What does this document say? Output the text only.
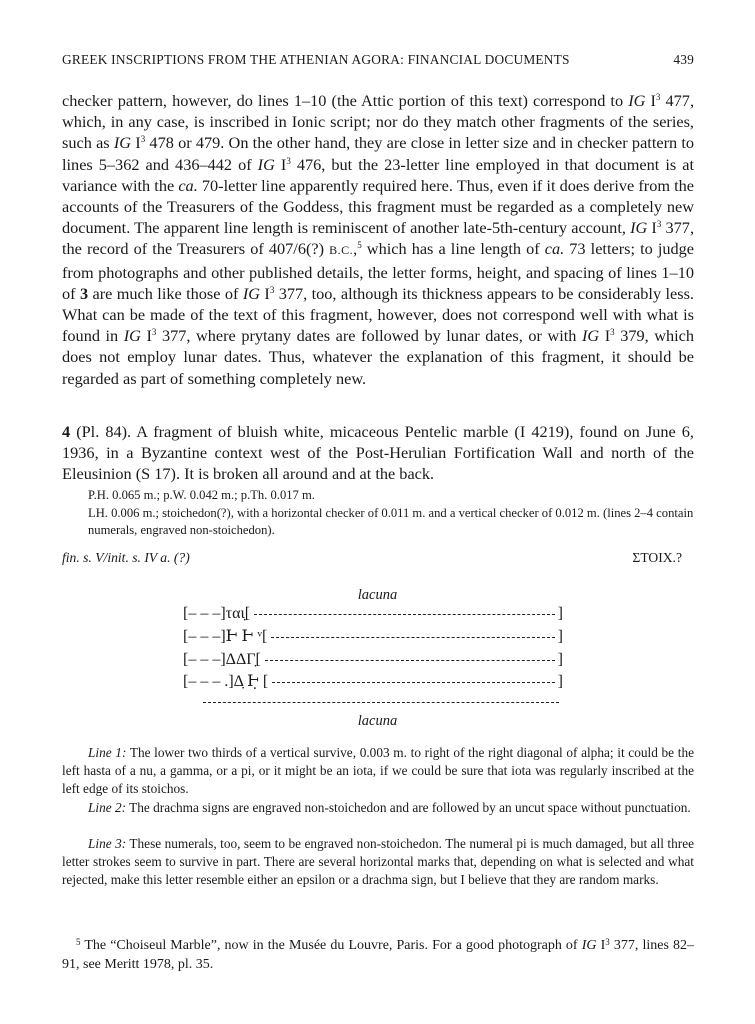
GREEK INSCRIPTIONS FROM THE ATHENIAN AGORA: FINANCIAL DOCUMENTS	439

checker pattern, however, do lines 1–10 (the Attic portion of this text) correspond to IG $I^3$ 477, which, in any case, is inscribed in Ionic script; nor do they match other fragments of the series, such as IG $I^3$ 478 or 479. On the other hand, they are close in letter size and in checker pattern to lines 5–362 and 436–442 of IG $I^3$ 476, but the 23-letter line employed in that document is at variance with the ca. 70-letter line apparently required here. Thus, even if it does derive from the accounts of the Treasurers of the Goddess, this fragment must be regarded as a completely new document. The apparent line length is reminiscent of another late-5th-century account, IG $I^3$ 377, the record of the Treasurers of 407/6(?) B.C.,$^5$ which has a line length of ca. 73 letters; to judge from photographs and other published details, the letter forms, height, and spacing of lines 1–10 of 3 are much like those of IG $I^3$ 377, too, although its thickness appears to be considerably less. What can be made of the text of this fragment, however, does not correspond well with what is found in IG $I^3$ 377, where prytany dates are followed by lunar dates, or with IG $I^3$ 379, which does not employ lunar dates. Thus, whatever the explanation of this fragment, it should be regarded as part of something completely new.

4 (Pl. 84). A fragment of bluish white, micaceous Pentelic marble (I 4219), found on June 6, 1936, in a Byzantine context west of the Post-Herulian Fortification Wall and north of the Eleusinion (S 17). It is broken all around and at the back.

P.H. 0.065 m.; p.W. 0.042 m.; p.Th. 0.017 m.

LH. 0.006 m.; stoichedon(?), with a horizontal checker of 0.011 m. and a vertical checker of 0.012 m. (lines 2–4 contain numerals, engraved non-stoichedon).

fin. s. V/init. s. IV a. (?)	ΣΤΟΙΧ.?
lacuna
[– – –]ται̣[	]
[– – –]Ͱ Ͱ ᵛ[	]
[– – –]ΔΔΓ̣[	]
[– – – .]Δ̣ Ͱ̣ [	]
lacuna

Line 1: The lower two thirds of a vertical survive, 0.003 m. to right of the right diagonal of alpha; it could be the left hasta of a nu, a gamma, or a pi, or it might be an iota, if we could be sure that iota was regularly inscribed at the left edge of its stoichos.

Line 2: The drachma signs are engraved non-stoichedon and are followed by an uncut space without punctuation.

Line 3: These numerals, too, seem to be engraved non-stoichedon. The numeral pi is much damaged, but all three letter strokes seem to survive in part. There are several horizontal marks that, depending on what is selected and what rejected, make this letter resemble either an epsilon or a drachma sign, but I believe that they are random marks.

$^5$ The “Choiseul Marble”, now in the Musée du Louvre, Paris. For a good photograph of IG $I^3$ 377, lines 82–91, see Meritt 1978, pl. 35.
